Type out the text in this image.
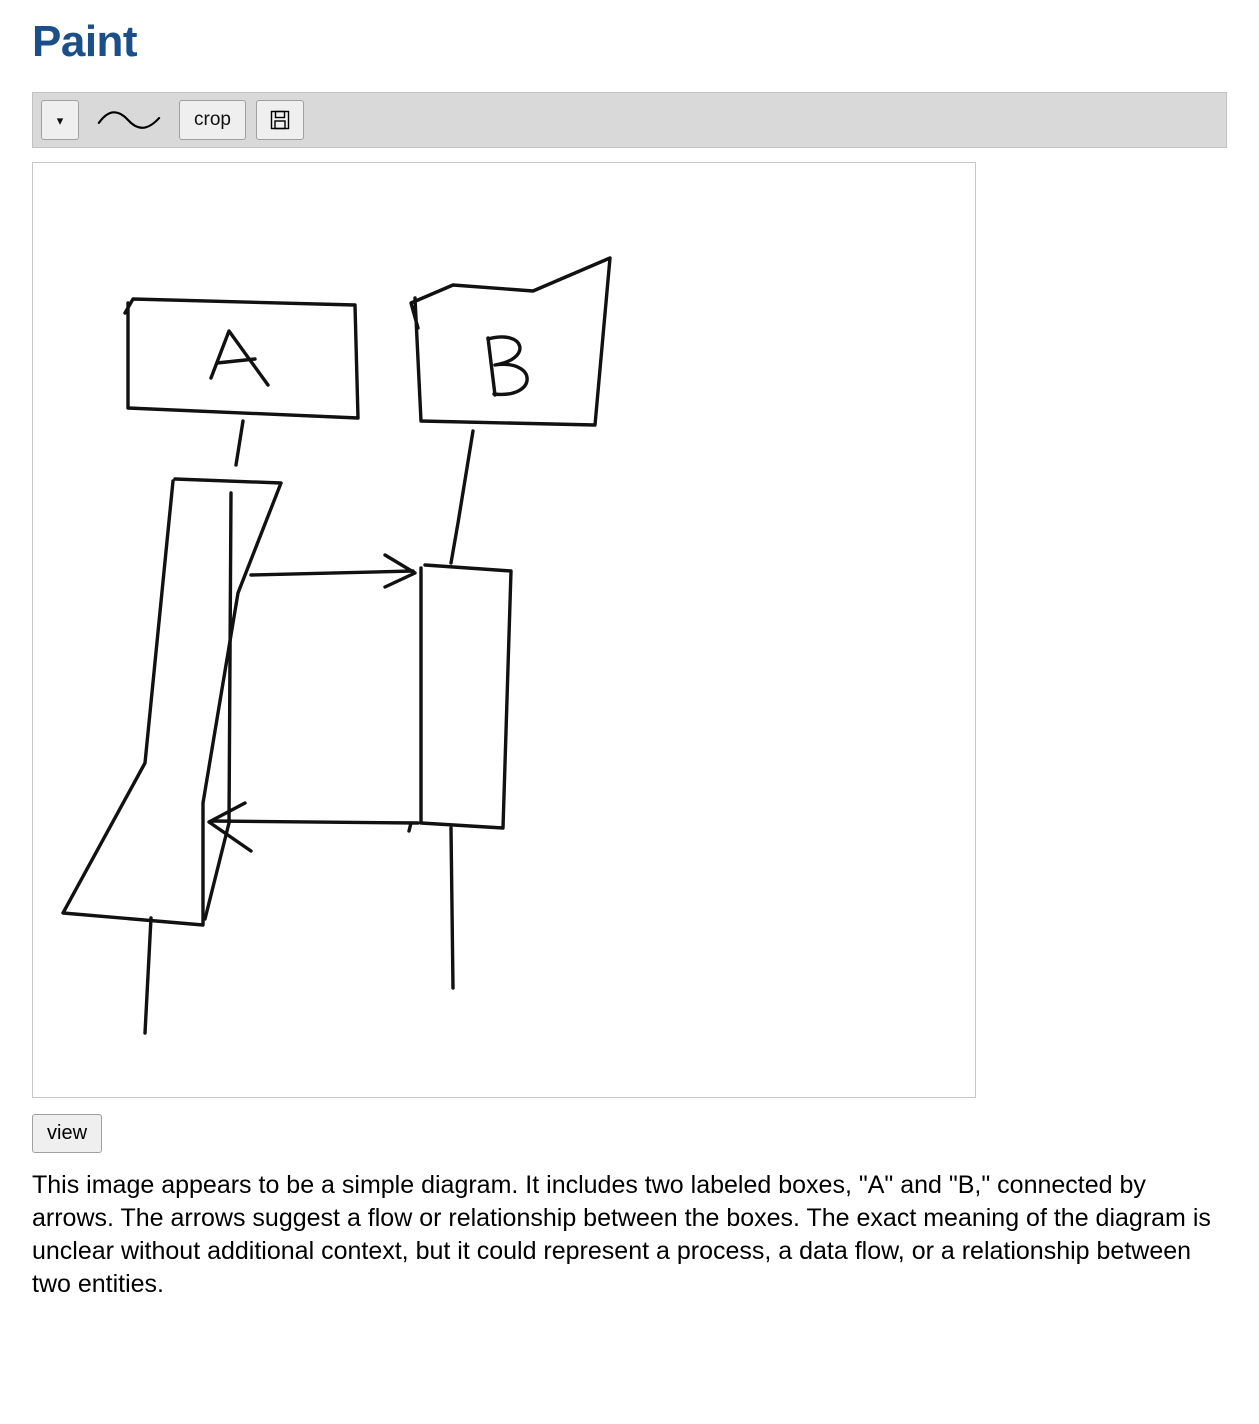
Paint
▾	crop
view

This image appears to be a simple diagram. It includes two labeled boxes, "A" and "B," connected by arrows. The arrows suggest a flow or relationship between the boxes. The exact meaning of the diagram is unclear without additional context, but it could represent a process, a data flow, or a relationship between two entities.
